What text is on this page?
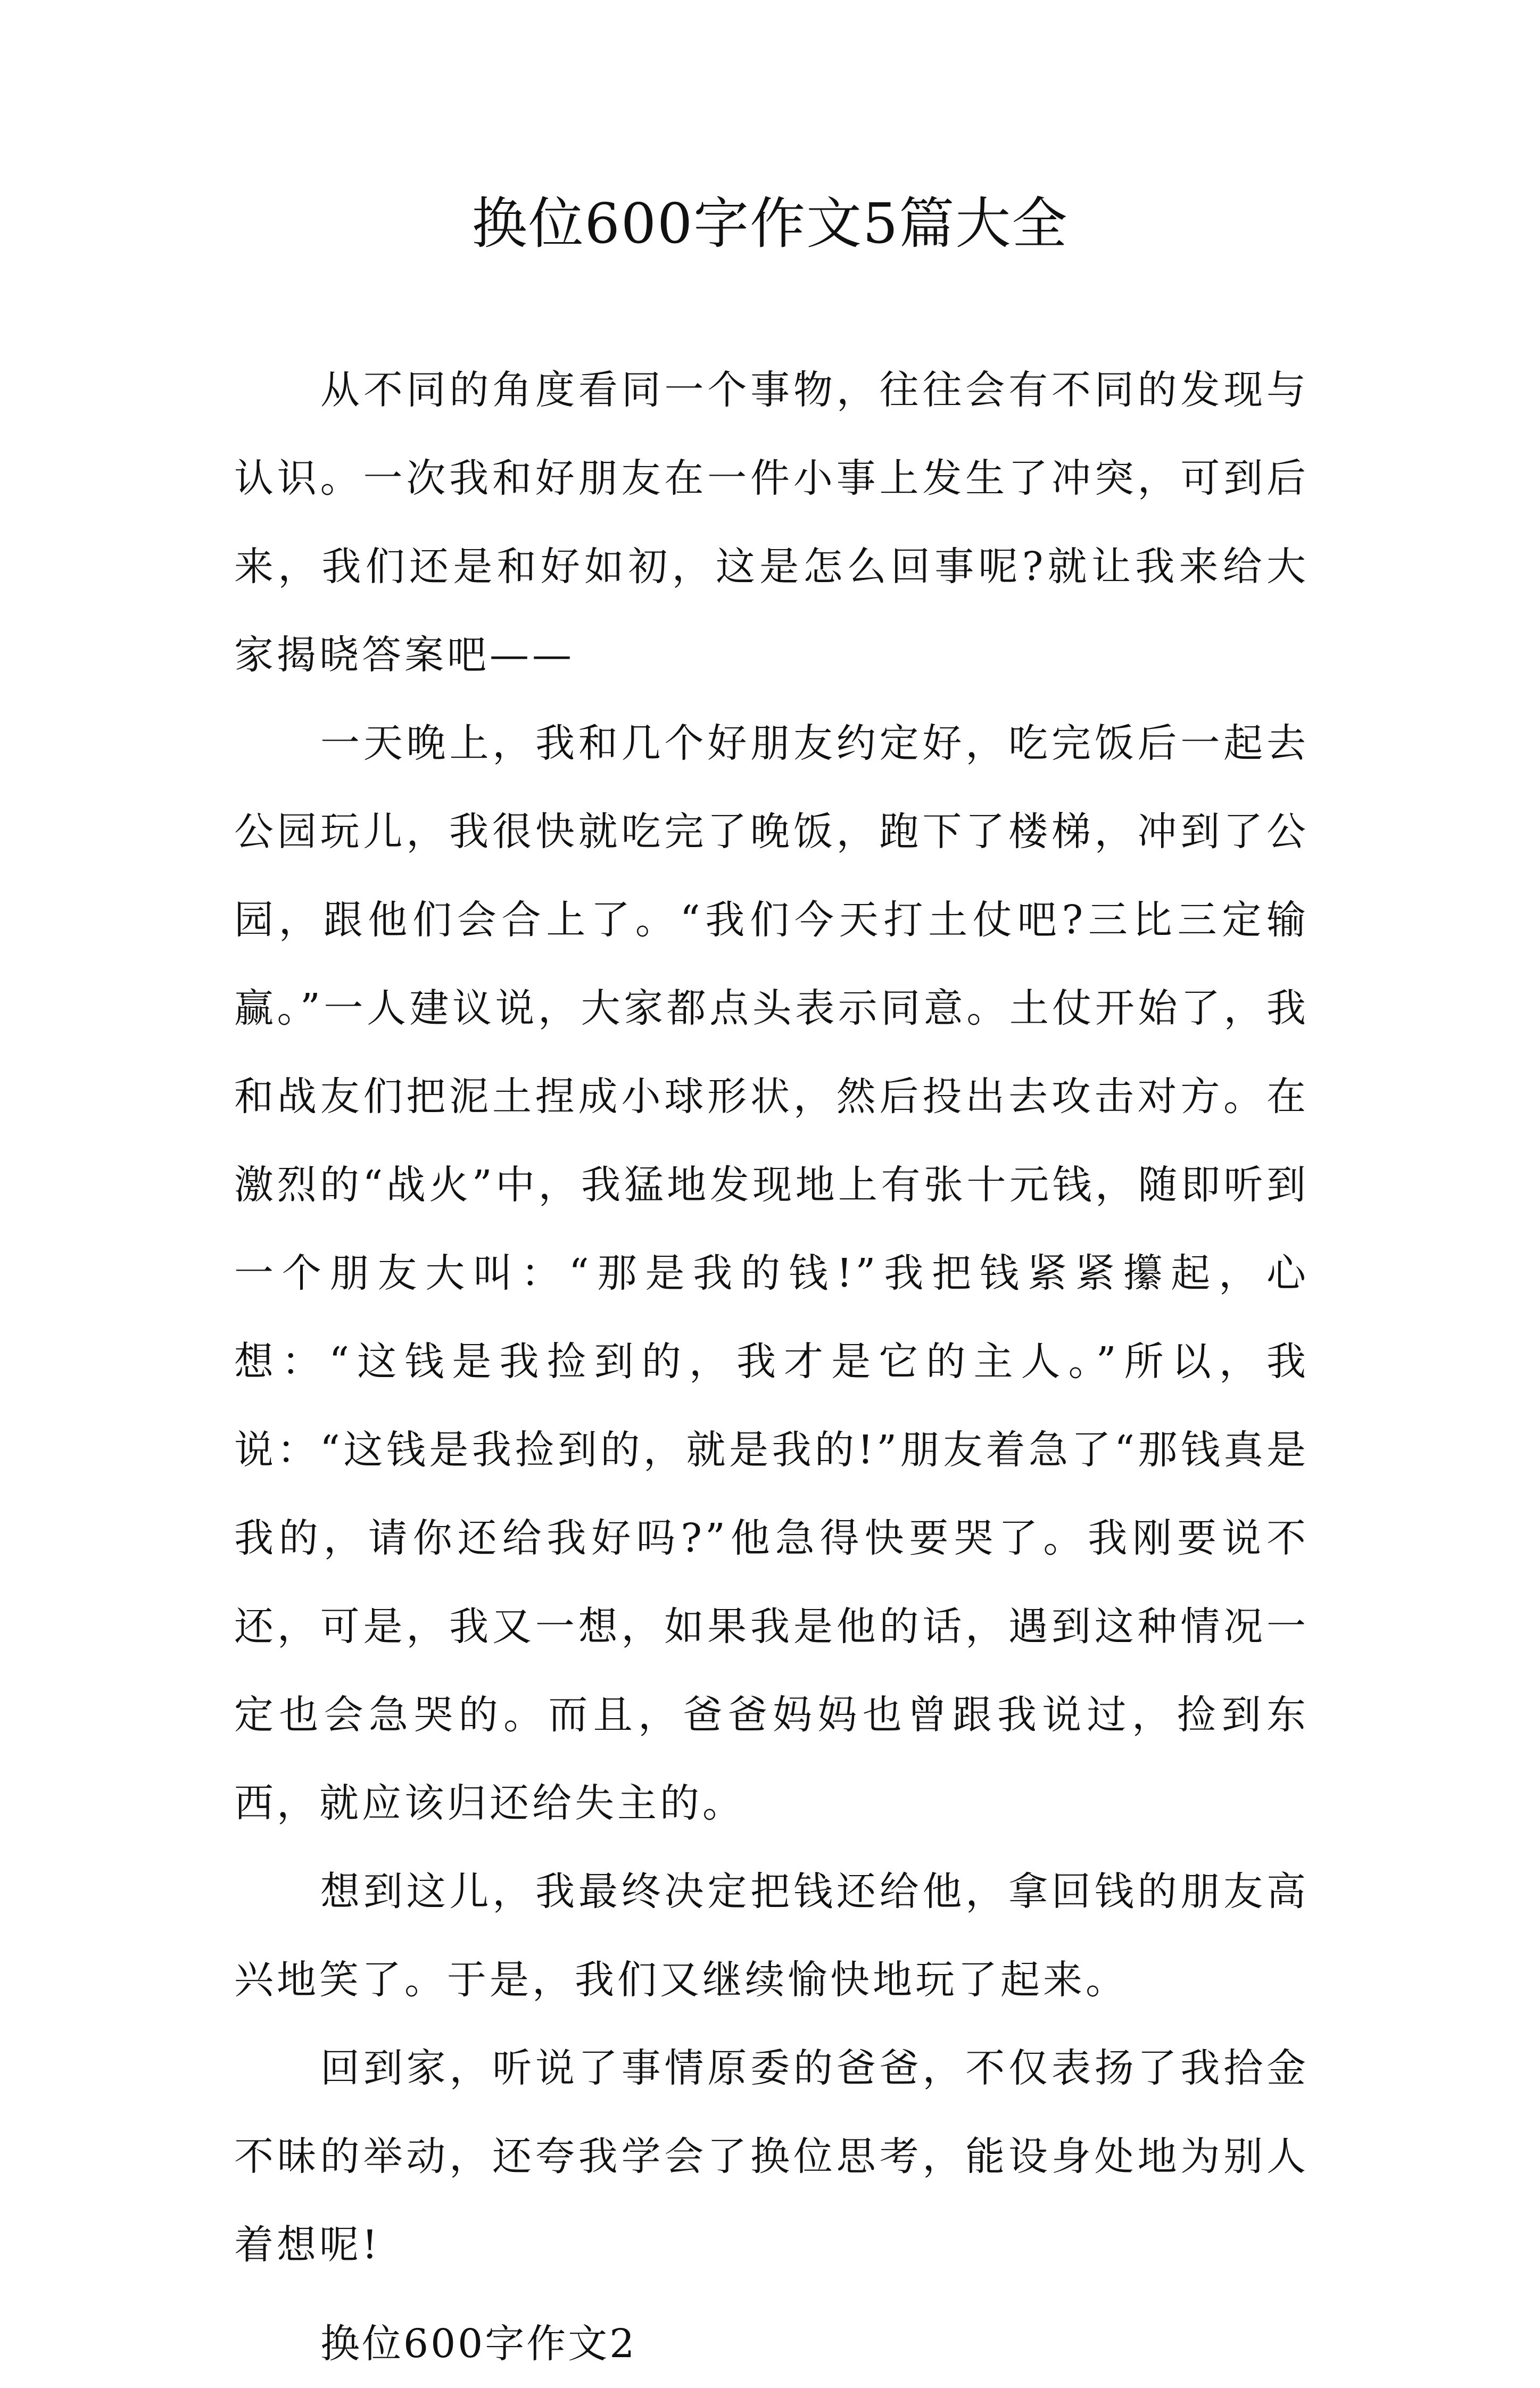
换位600字作文5篇大全

从不同的角度看同一个事物，往往会有不同的发现与认识。一次我和好朋友在一件小事上发生了冲突，可到后来，我们还是和好如初，这是怎么回事呢?就让我来给大家揭晓答案吧——

一天晚上，我和几个好朋友约定好，吃完饭后一起去公园玩儿，我很快就吃完了晚饭，跑下了楼梯，冲到了公园，跟他们会合上了。“我们今天打土仗吧?三比三定输赢。”一人建议说，大家都点头表示同意。土仗开始了，我和战友们把泥土捏成小球形状，然后投出去攻击对方。在激烈的“战火”中，我猛地发现地上有张十元钱，随即听到一个朋友大叫：“那是我的钱!”我把钱紧紧攥起，心想：“这钱是我捡到的，我才是它的主人。”所以，我说：“这钱是我捡到的，就是我的!”朋友着急了“那钱真是我的，请你还给我好吗?”他急得快要哭了。我刚要说不还，可是，我又一想，如果我是他的话，遇到这种情况一定也会急哭的。而且，爸爸妈妈也曾跟我说过，捡到东西，就应该归还给失主的。

想到这儿，我最终决定把钱还给他，拿回钱的朋友高兴地笑了。于是，我们又继续愉快地玩了起来。

回到家，听说了事情原委的爸爸，不仅表扬了我拾金不昧的举动，还夸我学会了换位思考，能设身处地为别人着想呢!

换位600字作文2
